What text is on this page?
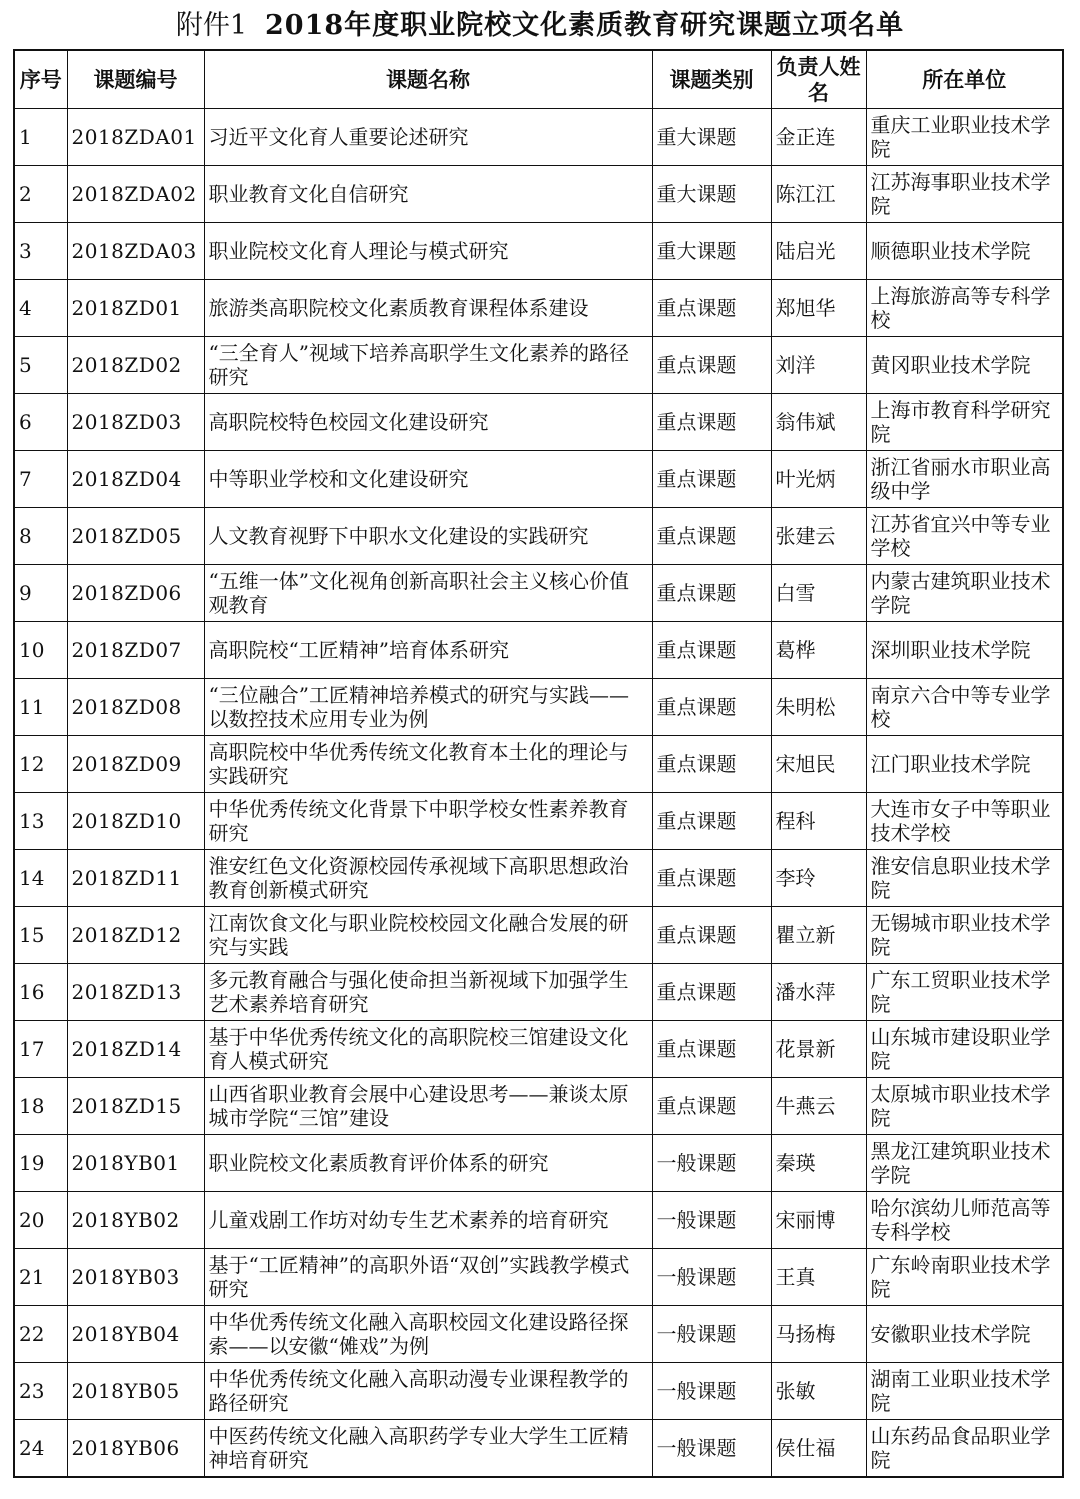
附件1 2018年度职业院校文化素质教育研究课题立项名单
序号	课题编号	课题名称	课题类别	负责人姓名	所在单位
1	2018ZDA01	习近平文化育人重要论述研究	重大课题	金正连	重庆工业职业技术学院
2	2018ZDA02	职业教育文化自信研究	重大课题	陈江江	江苏海事职业技术学院
3	2018ZDA03	职业院校文化育人理论与模式研究	重大课题	陆启光	顺德职业技术学院
4	2018ZD01	旅游类高职院校文化素质教育课程体系建设	重点课题	郑旭华	上海旅游高等专科学校
5	2018ZD02	“三全育人”视域下培养高职学生文化素养的路径研究	重点课题	刘洋	黄冈职业技术学院
6	2018ZD03	高职院校特色校园文化建设研究	重点课题	翁伟斌	上海市教育科学研究院
7	2018ZD04	中等职业学校和文化建设研究	重点课题	叶光炳	浙江省丽水市职业高级中学
8	2018ZD05	人文教育视野下中职水文化建设的实践研究	重点课题	张建云	江苏省宜兴中等专业学校
9	2018ZD06	“五维一体”文化视角创新高职社会主义核心价值观教育	重点课题	白雪	内蒙古建筑职业技术学院
10	2018ZD07	高职院校“工匠精神”培育体系研究	重点课题	葛桦	深圳职业技术学院
11	2018ZD08	“三位融合”工匠精神培养模式的研究与实践——以数控技术应用专业为例	重点课题	朱明松	南京六合中等专业学校
12	2018ZD09	高职院校中华优秀传统文化教育本土化的理论与实践研究	重点课题	宋旭民	江门职业技术学院
13	2018ZD10	中华优秀传统文化背景下中职学校女性素养教育研究	重点课题	程科	大连市女子中等职业技术学校
14	2018ZD11	淮安红色文化资源校园传承视域下高职思想政治教育创新模式研究	重点课题	李玲	淮安信息职业技术学院
15	2018ZD12	江南饮食文化与职业院校校园文化融合发展的研究与实践	重点课题	瞿立新	无锡城市职业技术学院
16	2018ZD13	多元教育融合与强化使命担当新视域下加强学生艺术素养培育研究	重点课题	潘水萍	广东工贸职业技术学院
17	2018ZD14	基于中华优秀传统文化的高职院校三馆建设文化育人模式研究	重点课题	花景新	山东城市建设职业学院
18	2018ZD15	山西省职业教育会展中心建设思考——兼谈太原城市学院“三馆”建设	重点课题	牛燕云	太原城市职业技术学院
19	2018YB01	职业院校文化素质教育评价体系的研究	一般课题	秦瑛	黑龙江建筑职业技术学院
20	2018YB02	儿童戏剧工作坊对幼专生艺术素养的培育研究	一般课题	宋丽博	哈尔滨幼儿师范高等专科学校
21	2018YB03	基于“工匠精神”的高职外语“双创”实践教学模式研究	一般课题	王真	广东岭南职业技术学院
22	2018YB04	中华优秀传统文化融入高职校园文化建设路径探索——以安徽“傩戏”为例	一般课题	马扬梅	安徽职业技术学院
23	2018YB05	中华优秀传统文化融入高职动漫专业课程教学的路径研究	一般课题	张敏	湖南工业职业技术学院
24	2018YB06	中医药传统文化融入高职药学专业大学生工匠精神培育研究	一般课题	侯仕福	山东药品食品职业学院
